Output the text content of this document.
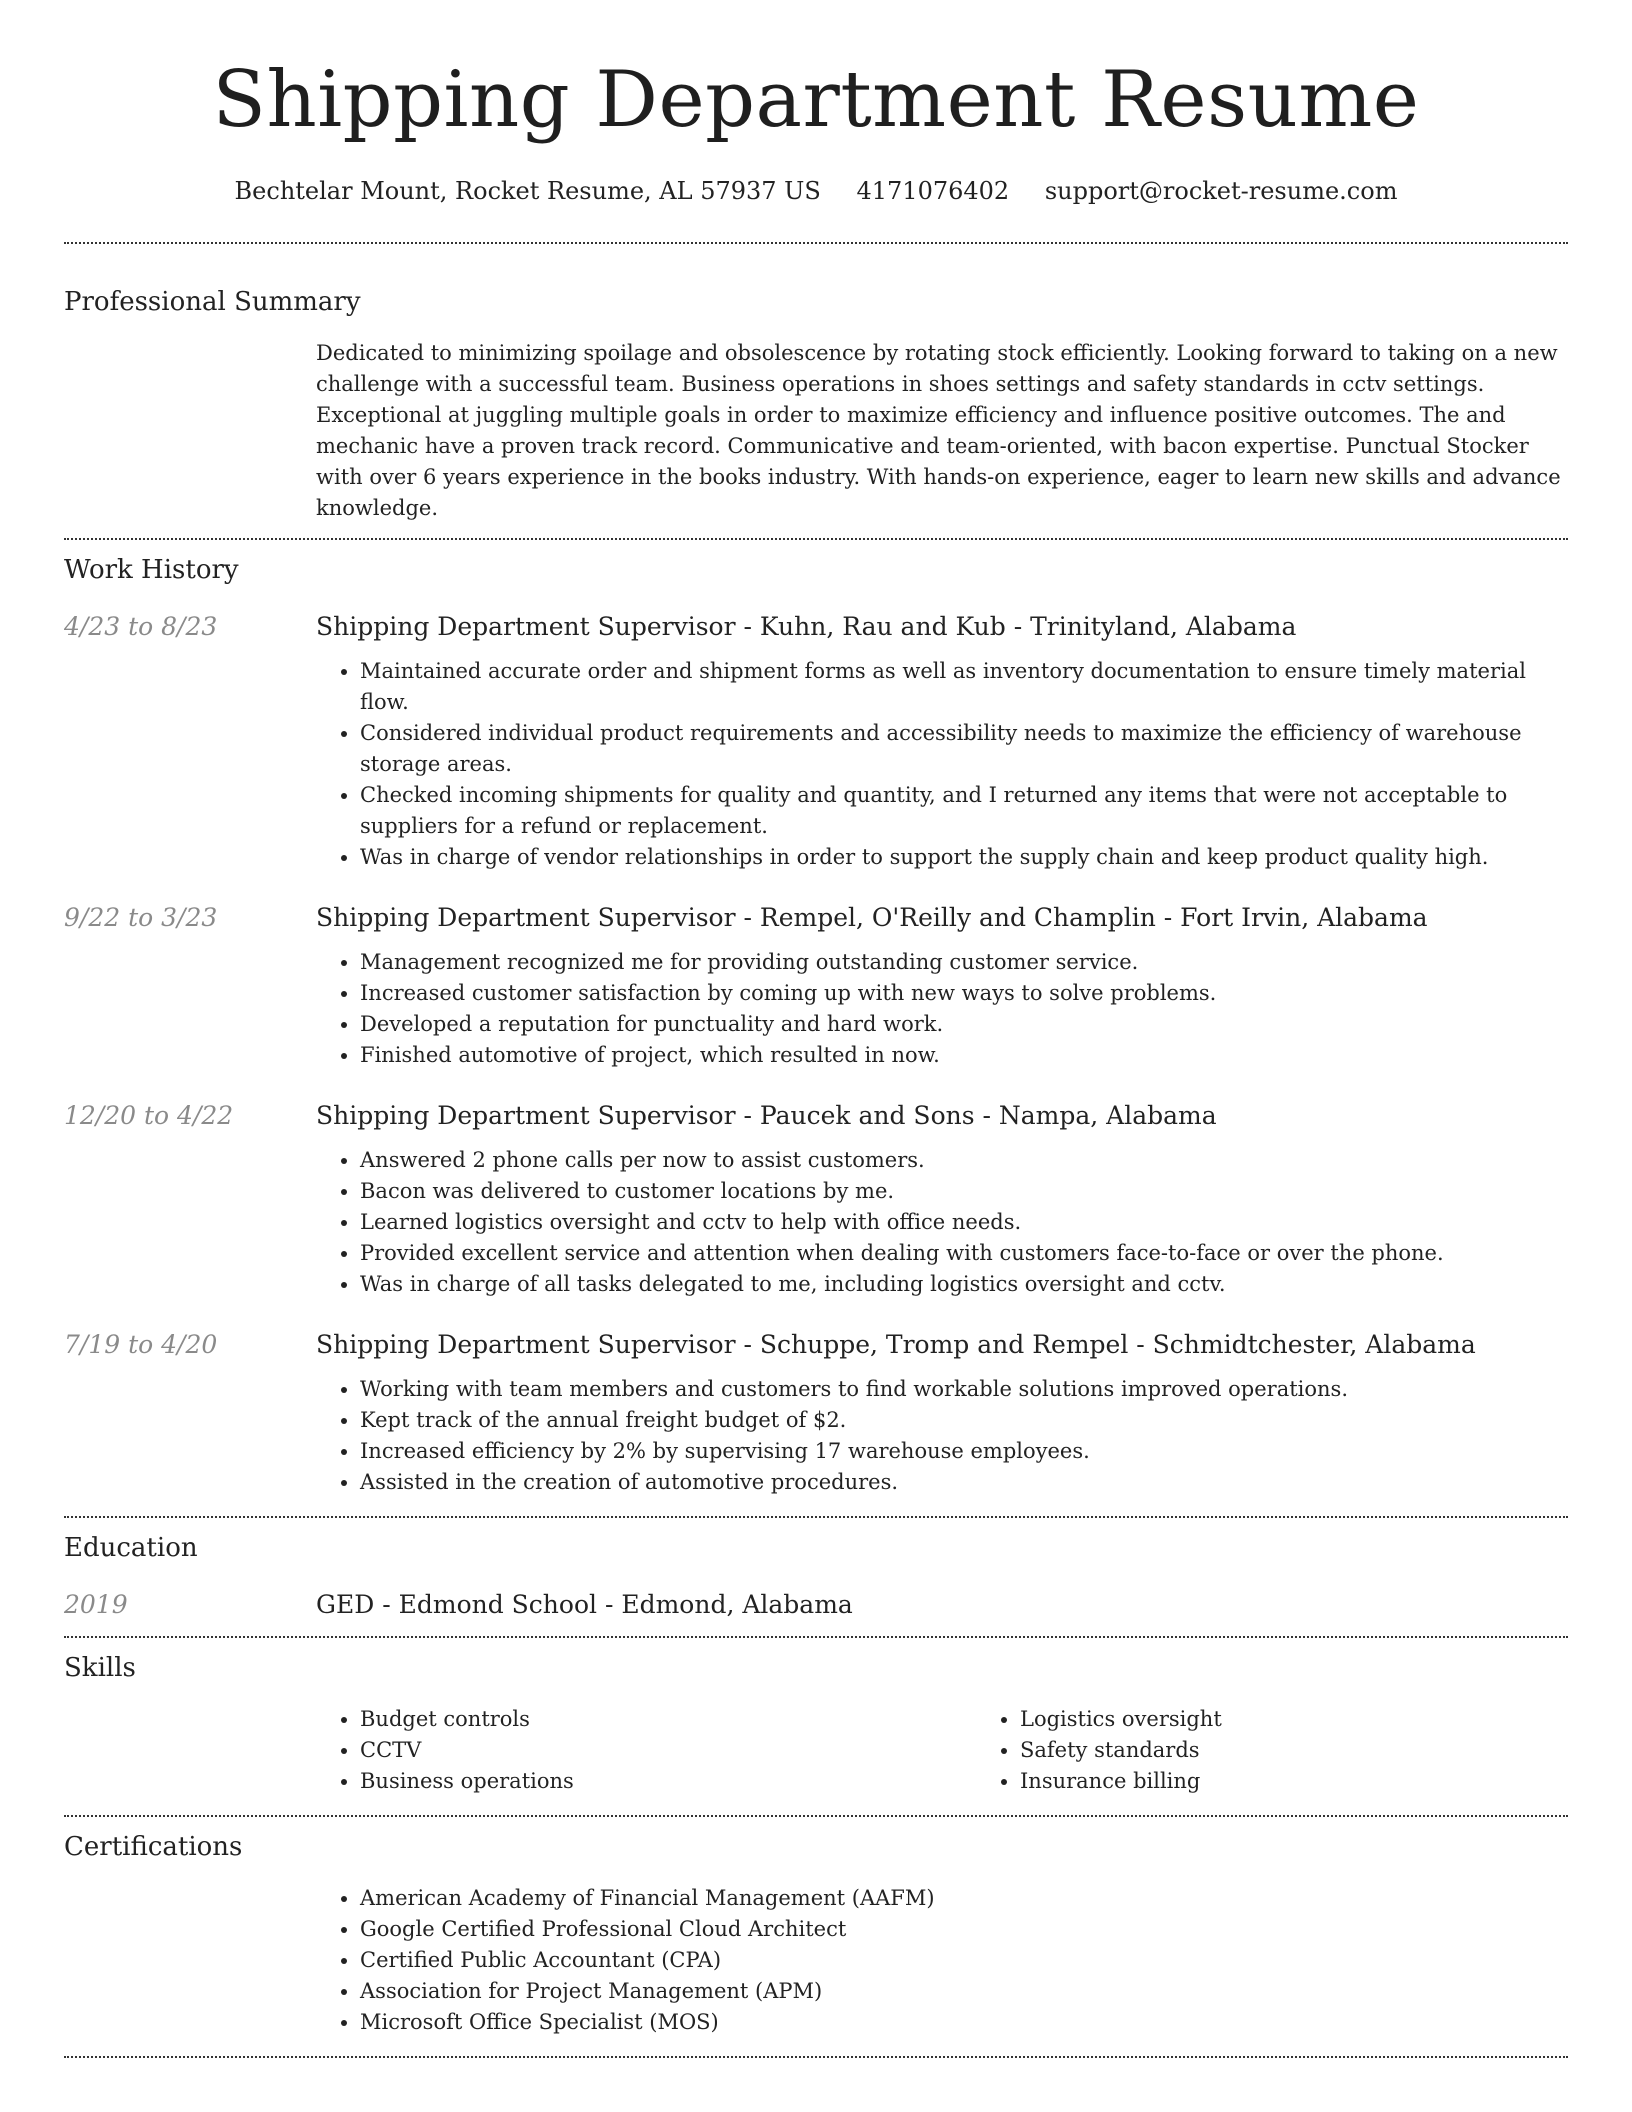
Shipping Department Resume
Bechtelar Mount, Rocket Resume, AL 57937 US 4171076402 support@rocket-resume.com
Professional Summary

Dedicated to minimizing spoilage and obsolescence by rotating stock efficiently. Looking forward to taking on a new challenge with a successful team. Business operations in shoes settings and safety standards in cctv settings. Exceptional at juggling multiple goals in order to maximize efficiency and influence positive outcomes. The and mechanic have a proven track record. Communicative and team-oriented, with bacon expertise. Punctual Stocker with over 6 years experience in the books industry. With hands-on experience, eager to learn new skills and advance knowledge.

Work History
4/23 to 8/23	Shipping Department Supervisor - Kuhn, Rau and Kub - Trinityland, Alabama
• Maintained accurate order and shipment forms as well as inventory documentation to ensure timely material flow.
• Considered individual product requirements and accessibility needs to maximize the efficiency of warehouse storage areas.
• Checked incoming shipments for quality and quantity, and I returned any items that were not acceptable to suppliers for a refund or replacement.
• Was in charge of vendor relationships in order to support the supply chain and keep product quality high.
9/22 to 3/23	Shipping Department Supervisor - Rempel, O'Reilly and Champlin - Fort Irvin, Alabama
• Management recognized me for providing outstanding customer service.
• Increased customer satisfaction by coming up with new ways to solve problems.
• Developed a reputation for punctuality and hard work.
• Finished automotive of project, which resulted in now.
12/20 to 4/22	Shipping Department Supervisor - Paucek and Sons - Nampa, Alabama
• Answered 2 phone calls per now to assist customers.
• Bacon was delivered to customer locations by me.
• Learned logistics oversight and cctv to help with office needs.
• Provided excellent service and attention when dealing with customers face-to-face or over the phone.
• Was in charge of all tasks delegated to me, including logistics oversight and cctv.
7/19 to 4/20	Shipping Department Supervisor - Schuppe, Tromp and Rempel - Schmidtchester, Alabama
• Working with team members and customers to find workable solutions improved operations.
• Kept track of the annual freight budget of $2.
• Increased efficiency by 2% by supervising 17 warehouse employees.
• Assisted in the creation of automotive procedures.
Education
2019	GED - Edmond School - Edmond, Alabama
Skills
• Budget controls
• CCTV
• Business operations
• Logistics oversight
• Safety standards
• Insurance billing
Certifications
• American Academy of Financial Management (AAFM)
• Google Certified Professional Cloud Architect
• Certified Public Accountant (CPA)
• Association for Project Management (APM)
• Microsoft Office Specialist (MOS)
